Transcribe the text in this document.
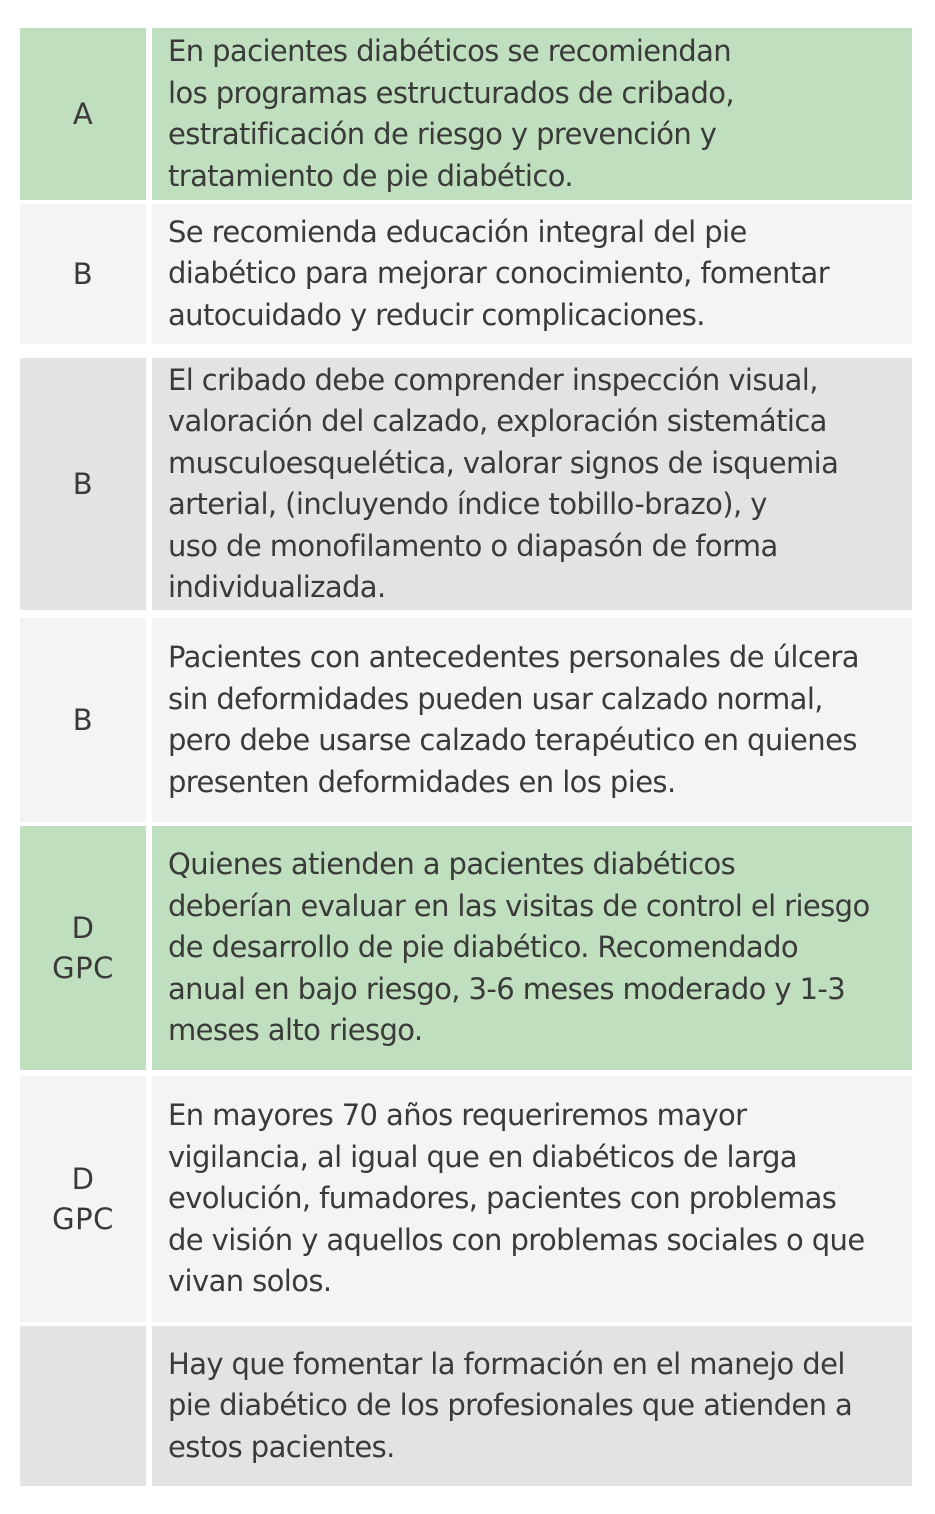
A
En pacientes diabéticos se recomiendan
los programas estructurados de cribado,
estratificación de riesgo y prevención y
tratamiento de pie diabético.
B
Se recomienda educación integral del pie
diabético para mejorar conocimiento, fomentar
autocuidado y reducir complicaciones.
B
El cribado debe comprender inspección visual,
valoración del calzado, exploración sistemática
musculoesquelética, valorar signos de isquemia
arterial, (incluyendo índice tobillo-brazo), y
uso de monofilamento o diapasón de forma
individualizada.
B
Pacientes con antecedentes personales de úlcera
sin deformidades pueden usar calzado normal,
pero debe usarse calzado terapéutico en quienes
presenten deformidades en los pies.
D
GPC
Quienes atienden a pacientes diabéticos
deberían evaluar en las visitas de control el riesgo
de desarrollo de pie diabético. Recomendado
anual en bajo riesgo, 3-6 meses moderado y 1-3
meses alto riesgo.
D
GPC
En mayores 70 años requeriremos mayor
vigilancia, al igual que en diabéticos de larga
evolución, fumadores, pacientes con problemas
de visión y aquellos con problemas sociales o que
vivan solos.
Hay que fomentar la formación en el manejo del
pie diabético de los profesionales que atienden a
estos pacientes.
